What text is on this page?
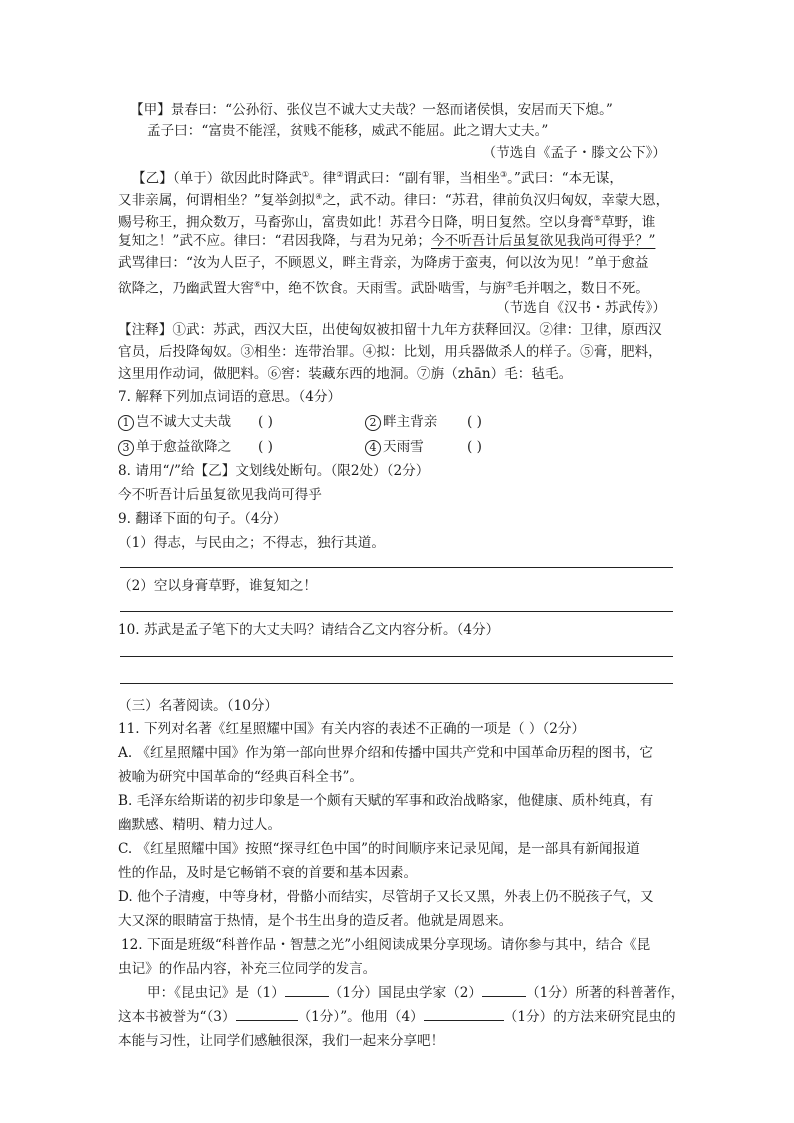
【甲】景春曰：“公孙衍、张仪岂不诚大丈夫哉？一怒而诸侯惧，安居而天下熄。”
孟子曰：“富贵不能淫，贫贱不能移，威武不能屈。此之谓大丈夫。”
（节选自《孟子・滕文公下》）
【乙】（单于）欲因此时降武①。律②谓武曰：“副有罪，当相坐③。”武曰：“本无谋，
又非亲属，何谓相坐？”复举剑拟④之，武不动。律曰：“苏君，律前负汉归匈奴，幸蒙大恩，
赐号称王，拥众数万，马畜弥山，富贵如此！苏君今日降，明日复然。空以身膏⑤草野，谁
复知之！”武不应。律曰：“君因我降，与君为兄弟；今不听吾计后虽复欲见我尚可得乎？”
武骂律曰：“汝为人臣子，不顾恩义，畔主背亲，为降虏于蛮夷，何以汝为见！”单于愈益
欲降之，乃幽武置大窖⑥中，绝不饮食。天雨雪。武卧啮雪，与旃⑦毛并咽之，数日不死。
（节选自《汉书・苏武传》）
【注释】①武：苏武，西汉大臣，出使匈奴被扣留十九年方获释回汉。②律：卫律，原西汉
官员，后投降匈奴。③相坐：连带治罪。④拟：比划，用兵器做杀人的样子。⑤膏，肥料，
这里用作动词，做肥料。⑥窖：装藏东西的地洞。⑦旃（zhān）毛：毡毛。
7. 解释下列加点词语的意思。（4分）
1 岂不诚大丈夫哉 ( )	2 畔主背亲 ( )
3 单于愈益欲降之 ( )	4 天雨雪	( )
8. 请用“/”给【乙】文划线处断句。（限2处）（2分）
今不听吾计后虽复欲见我尚可得乎
9. 翻译下面的句子。（4分）
（1）得志，与民由之；不得志，独行其道。
（2）空以身膏草野，谁复知之！
10. 苏武是孟子笔下的大丈夫吗？请结合乙文内容分析。（4分）
（三）名著阅读。（10分）
11. 下列对名著《红星照耀中国》有关内容的表述不正确的一项是（ ）（2分）
A. 《红星照耀中国》作为第一部向世界介绍和传播中国共产党和中国革命历程的图书，它
被喻为研究中国革命的“经典百科全书”。
B. 毛泽东给斯诺的初步印象是一个颇有天赋的军事和政治战略家，他健康、质朴纯真，有
幽默感、精明、精力过人。
C. 《红星照耀中国》按照“探寻红色中国”的时间顺序来记录见闻，是一部具有新闻报道
性的作品，及时是它畅销不衰的首要和基本因素。
D. 他个子清瘦，中等身材，骨骼小而结实，尽管胡子又长又黑，外表上仍不脱孩子气，又
大又深的眼睛富于热情，是个书生出身的造反者。他就是周恩来。
12. 下面是班级“科普作品・智慧之光”小组阅读成果分享现场。请你参与其中，结合《昆
虫记》的作品内容，补充三位同学的发言。
甲：《昆虫记》是（1）	（1分）国昆虫学家（2）	（1分）所著的科普著作，
这本书被誉为“（3）	（1分）”。他用（4）	（1分）的方法来研究昆虫的
本能与习性，让同学们感触很深，我们一起来分享吧！
